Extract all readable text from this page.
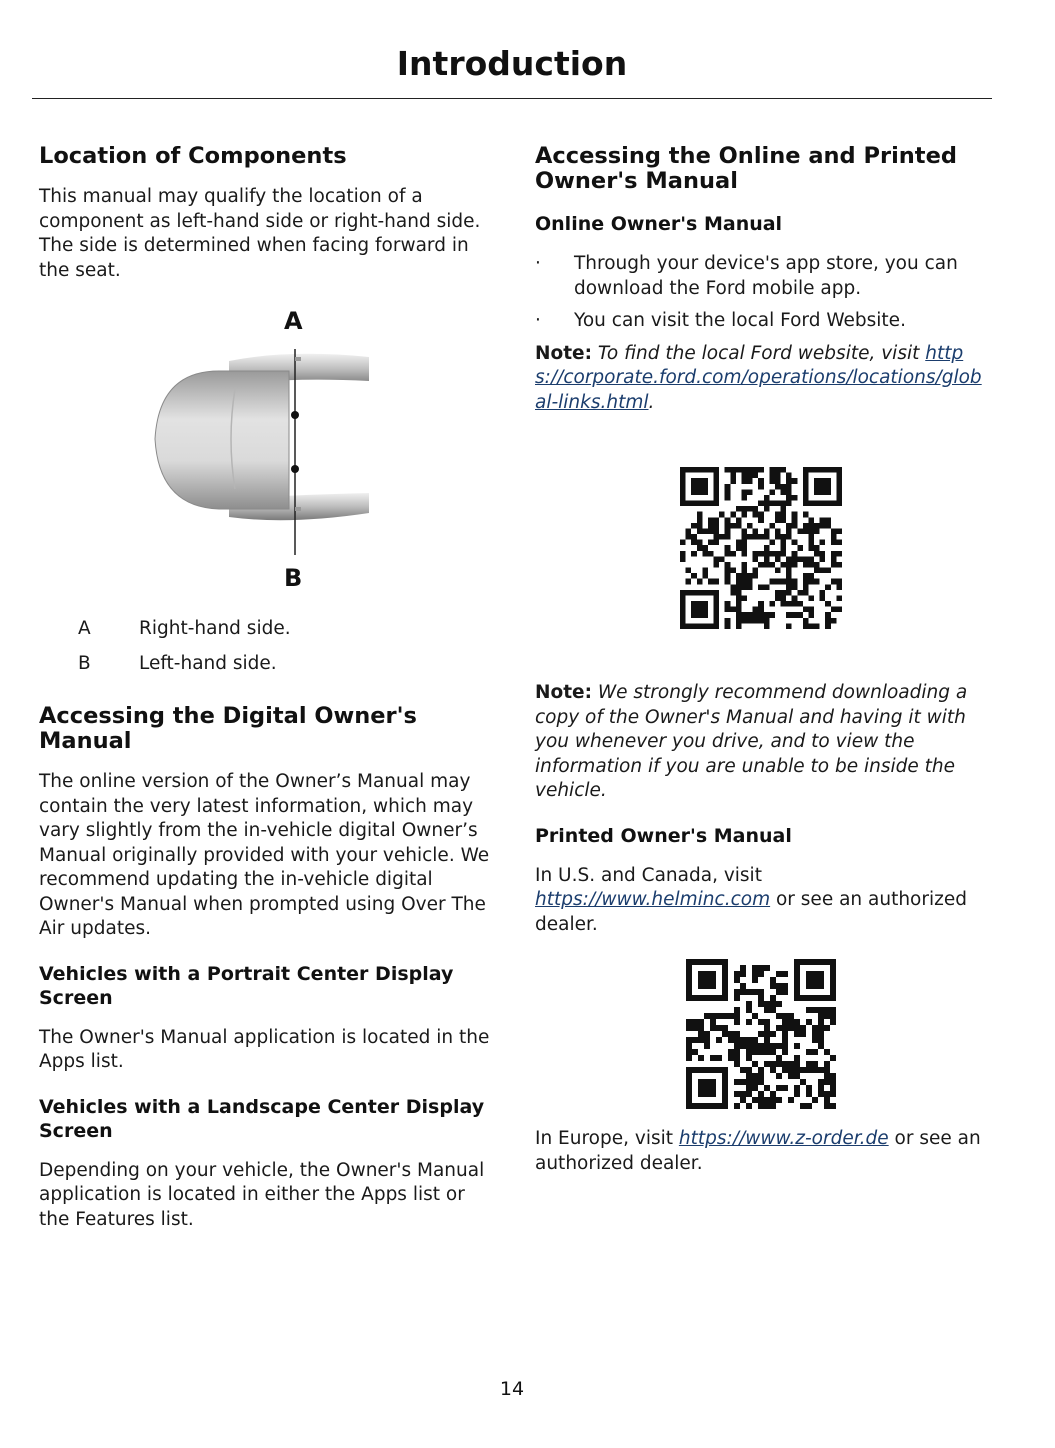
Introduction
Location of Components

This manual may qualify the location of a component as left-hand side or right-hand side. The side is determined when facing forward in the seat.

A
B
A	Right-hand side.
B	Left-hand side.
Accessing the Digital Owner's Manual

The online version of the Owner’s Manual may contain the very latest information, which may vary slightly from the in-vehicle digital Owner’s Manual originally provided with your vehicle. We recommend updating the in-vehicle digital Owner's Manual when prompted using Over The Air updates.

Vehicles with a Portrait Center Display Screen

The Owner's Manual application is located in the Apps list.

Vehicles with a Landscape Center Display Screen

Depending on your vehicle, the Owner's Manual application is located in either the Apps list or the Features list.

Accessing the Online and Printed Owner's Manual
Online Owner's Manual
·	Through your device's app store, you can download the Ford mobile app.

·	You can visit the local Ford Website.

Note: To find the local Ford website, visit https://corporate.ford.com/operations/locations/global-links.html.

Note: We strongly recommend downloading a copy of the Owner's Manual and having it with you whenever you drive, and to view the information if you are unable to be inside the vehicle.

Printed Owner's Manual

In U.S. and Canada, visit https://www.helminc.com or see an authorized dealer.

In Europe, visit https://www.z-order.de or see an authorized dealer.

14
